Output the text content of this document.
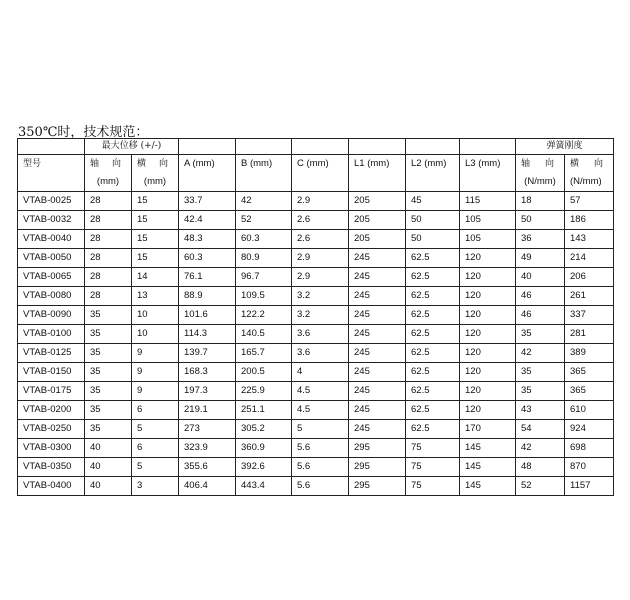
350℃时，技术规范：
	最大位移 (+/-)								弹簧刚度	
型号	轴 向	横 向	A (mm)	B (mm)	C (mm)	L1 (mm)	L2 (mm)	L3 (mm)	轴 向	横 向

	(mm)	(mm)							(N/mm)	(N/mm)
VTAB-0025	28	15	33.7	42	2.9	205	45	115	18	57
VTAB-0032	28	15	42.4	52	2.6	205	50	105	50	186
VTAB-0040	28	15	48.3	60.3	2.6	205	50	105	36	143
VTAB-0050	28	15	60.3	80.9	2.9	245	62.5	120	49	214
VTAB-0065	28	14	76.1	96.7	2.9	245	62.5	120	40	206
VTAB-0080	28	13	88.9	109.5	3.2	245	62.5	120	46	261
VTAB-0090	35	10	101.6	122.2	3.2	245	62.5	120	46	337
VTAB-0100	35	10	114.3	140.5	3.6	245	62.5	120	35	281
VTAB-0125	35	9	139.7	165.7	3.6	245	62.5	120	42	389
VTAB-0150	35	9	168.3	200.5	4	245	62.5	120	35	365
VTAB-0175	35	9	197.3	225.9	4.5	245	62.5	120	35	365
VTAB-0200	35	6	219.1	251.1	4.5	245	62.5	120	43	610
VTAB-0250	35	5	273	305.2	5	245	62.5	170	54	924
VTAB-0300	40	6	323.9	360.9	5.6	295	75	145	42	698
VTAB-0350	40	5	355.6	392.6	5.6	295	75	145	48	870
VTAB-0400	40	3	406.4	443.4	5.6	295	75	145	52	1157
